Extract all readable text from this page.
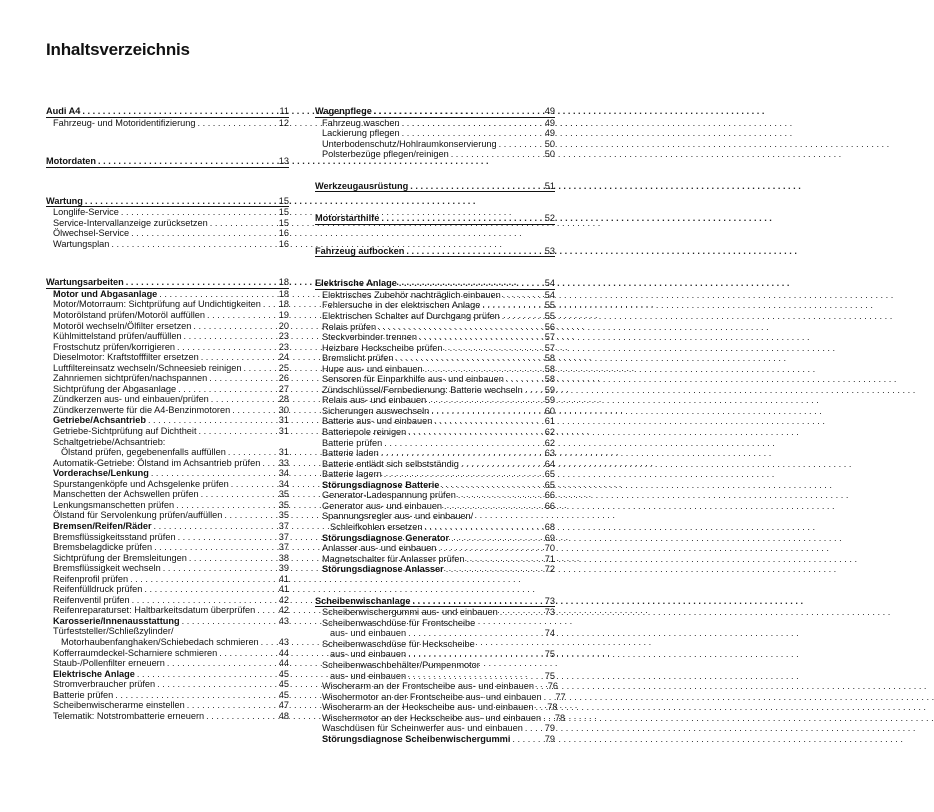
Inhaltsverzeichnis
Audi A4 . . .	11
Fahrzeug- und Motoridentifizierung . . .	12
Motordaten . . .	13
Wartung . . .	15
Longlife-Service . . .	15
Service-Intervallanzeige zurücksetzen . . .	15
Ölwechsel-Service . . .	16
Wartungsplan . . .	16
Wartungsarbeiten . . .	18
Motor und Abgasanlage . . .	18
Motor/Motorraum: Sichtprüfung auf Undichtigkeiten . . .	18
Motorölstand prüfen/Motoröl auffüllen . . .	19
Motoröl wechseln/Ölfilter ersetzen . . .	20
Kühlmittelstand prüfen/auffüllen . . .	23
Frostschutz prüfen/korrigieren . . .	23
Dieselmotor: Kraftstofffilter ersetzen . . .	24
Luftfiltereinsatz wechseln/Schneesieb reinigen . . .	25
Zahnriemen sichtprüfen/nachspannen . . .	26
Sichtprüfung der Abgasanlage . . .	27
Zündkerzen aus- und einbauen/prüfen . . .	28
Zündkerzenwerte für die A4-Benzinmotoren . . .	30
Getriebe/Achsantrieb . . .	31
Getriebe-Sichtprüfung auf Dichtheit . . .	31
Schaltgetriebe/Achsantrieb:
Ölstand prüfen, gegebenenfalls auffüllen . . .	31
Automatik-Getriebe: Ölstand im Achsantrieb prüfen . . .	33
Vorderachse/Lenkung . . .	34
Spurstangenköpfe und Achsgelenke prüfen . . .	34
Manschetten der Achswellen prüfen . . .	35
Lenkungsmanschetten prüfen . . .	35
Ölstand für Servolenkung prüfen/auffüllen . . .	35
Bremsen/Reifen/Räder . . .	37
Bremsflüssigkeitsstand prüfen . . .	37
Bremsbelagdicke prüfen . . .	37
Sichtprüfung der Bremsleitungen . . .	38
Bremsflüssigkeit wechseln . . .	39
Reifenprofil prüfen . . .	41
Reifenfülldruck prüfen . . .	41
Reifenventil prüfen . . .	42
Reifenreparaturset: Haltbarkeitsdatum überprüfen . . .	42
Karosserie/Innenausstattung . . .	43
Türfeststeller/Schließzylinder/
Motorhaubenfanghaken/Schiebedach schmieren . . .	43
Kofferraumdeckel-Scharniere schmieren . . .	44
Staub-/Pollenfilter erneuern . . .	44
Elektrische Anlage . . .	45
Stromverbraucher prüfen . . .	45
Batterie prüfen . . .	45
Scheibenwischerarme einstellen . . .	47
Telematik: Notstrombatterie erneuern . . .	48
Wagenpflege . . .	49
Fahrzeug waschen . . .	49
Lackierung pflegen . . .	49
Unterbodenschutz/Hohlraumkonservierung . . .	50
Polsterbezüge pflegen/reinigen . . .	50
Werkzeugausrüstung . . .	51
Motorstarthilfe . . .	52
Fahrzeug aufbocken . . .	53
Elektrische Anlage . . .	54
Elektrisches Zubehör nachträglich einbauen . . .	54
Fehlersuche in der elektrischen Anlage . . .	55
Elektrischen Schalter auf Durchgang prüfen . . .	55
Relais prüfen . . .	56
Steckverbinder trennen . . .	57
Heizbare Heckscheibe prüfen . . .	57
Bremslicht prüfen . . .	58
Hupe aus- und einbauen . . .	58
Sensoren für Einparkhilfe aus- und einbauen . . .	58
Zündschlüssel/Fernbedienung: Batterie wechseln . . .	59
Relais aus- und einbauen . . .	59
Sicherungen auswechseln . . .	60
Batterie aus- und einbauen . . .	61
Batteriepole reinigen . . .	62
Batterie prüfen . . .	62
Batterie laden . . .	63
Batterie entlädt sich selbstständig . . .	64
Batterie lagern . . .	65
Störungsdiagnose Batterie . . .	65
Generator-Ladespannung prüfen . . .	66
Generator aus- und einbauen . . .	66
Spannungsregler aus- und einbauen/
Schleifkohlen ersetzen . . .	68
Störungsdiagnose Generator . . .	69
Anlasser aus- und einbauen . . .	70
Magnetschalter für Anlasser prüfen . . .	71
Störungsdiagnose Anlasser . . .	72
Scheibenwischanlage . . .	73
Scheibenwischergummi aus- und einbauen . . .	73
Scheibenwaschdüse für Frontscheibe
aus- und einbauen . . .	74
Scheibenwaschdüse für Heckscheibe
aus- und einbauen . . .	75
Scheibenwaschbehälter/Pumpenmotor
aus- und einbauen . . .	75
Wischerarm an der Frontscheibe aus- und einbauen . . .	76
Wischermotor an der Frontscheibe aus- und einbauen . . .	77
Wischerarm an der Heckscheibe aus- und einbauen . . .	78
Wischermotor an der Heckscheibe aus- und einbauen . . .	78
Waschdüsen für Scheinwerfer aus- und einbauen . . .	79
Störungsdiagnose Scheibenwischergummi . . .	79
